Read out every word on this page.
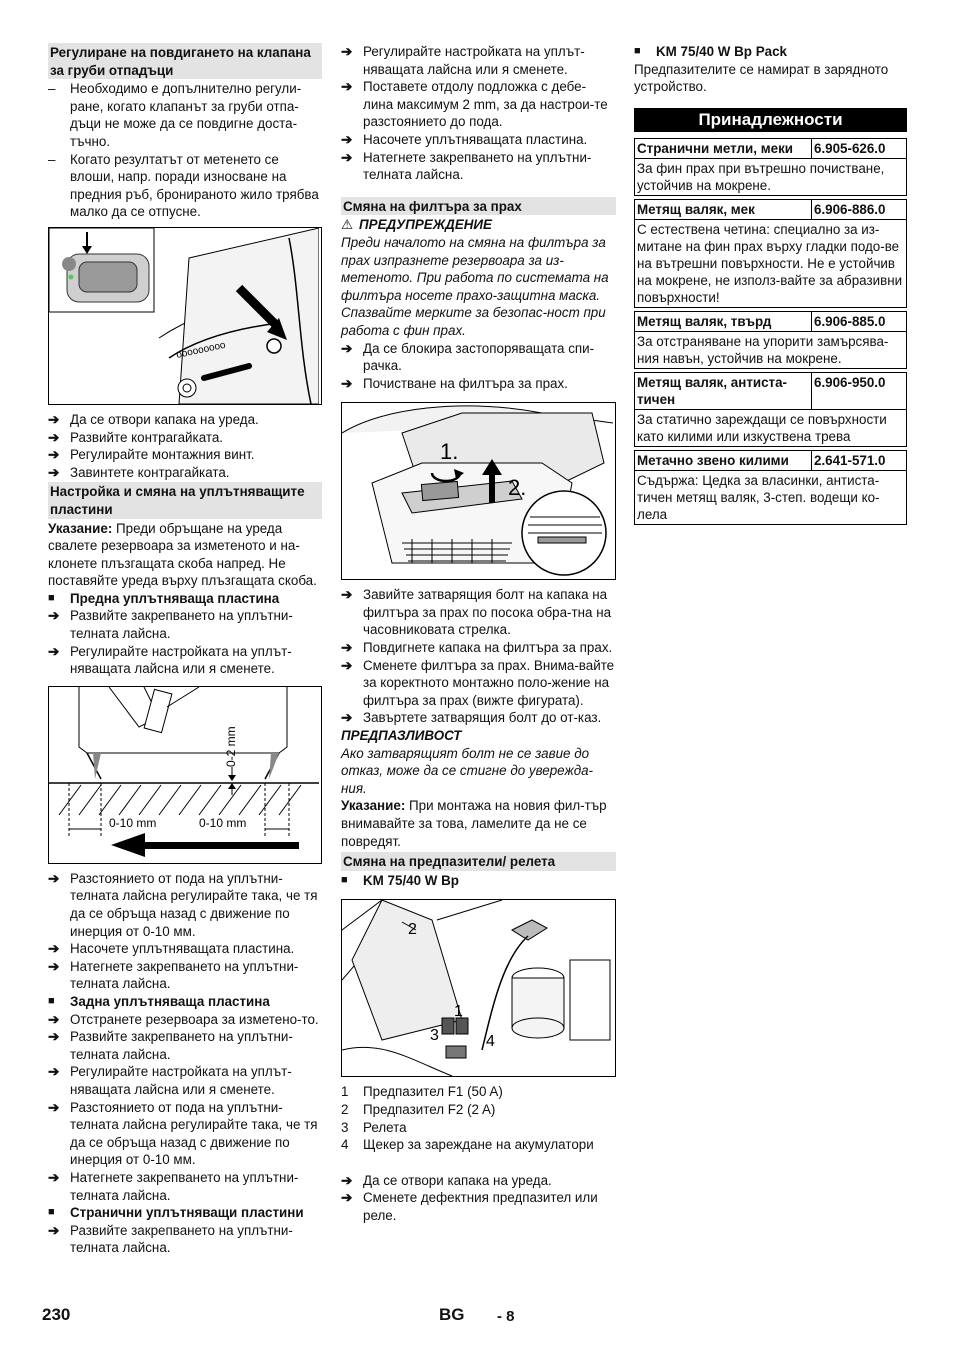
Регулиране на повдигането на клапана за груби отпадъци
– Необходимо е допълнително регули-ране, когато клапанът за груби отпа-дъци не може да се повдигне доста-тъчно.
– Когато резултатът от метенето се влоши, напр. поради износване на предния ръб, бронираното жило трябва малко да се отпусне.
ooooooooo
➔ Да се отвори капака на уреда.
➔ Развийте контрагайката.
➔ Регулирайте монтажния винт.
➔ Завинтете контрагайката.
Настройка и смяна на уплътняващите пластини

Указание: Преди обръщане на уреда свалете резервоара за изметеното и на-клонете плъзгащата скоба напред. Не поставяйте уреда върху плъзгащата скоба.

■ Предна уплътняваща пластина
➔ Развийте закрепването на уплътни-телната лайсна.
➔ Регулирайте настройката на уплът-няващата лайсна или я сменете.
0-2 mm
0-10 mm	0-10 mm
➔ Разстоянието от пода на уплътни-телната лайсна регулирайте така, че тя да се обръща назад с движение по инерция от 0-10 мм.
➔ Насочете уплътняващата пластина.
➔ Натегнете закрепването на уплътни-телната лайсна.
■ Задна уплътняваща пластина
➔ Отстранете резервоара за изметено-то.
➔ Развийте закрепването на уплътни-телната лайсна.
➔ Регулирайте настройката на уплът-няващата лайсна или я сменете.
➔ Разстоянието от пода на уплътни-телната лайсна регулирайте така, че тя да се обръща назад с движение по инерция от 0-10 мм.
➔ Натегнете закрепването на уплътни-телната лайсна.
■ Странични уплътняващи пластини
➔ Развийте закрепването на уплътни-телната лайсна.
➔ Регулирайте настройката на уплът-няващата лайсна или я сменете.
➔ Поставете отдолу подложка с дебе-лина максимум 2 mm, за да настрои-те разстоянието до пода.
➔ Насочете уплътняващата пластина.
➔ Натегнете закрепването на уплътни-телната лайсна.
Смяна на филтъра за прах
⚠ ПРЕДУПРЕЖДЕНИЕ

Преди началото на смяна на филтъра за прах изпразнете резервоара за из-метеното. При работа по системата на филтъра носете прахо-защитна маска. Спазвайте мерките за безопас-ност при работа с фин прах.

➔ Да се блокира застопоряващата спи-рачка.
➔ Почистване на филтъра за прах.
1.
2.
➔ Завийте затварящия болт на капака на филтъра за прах по посока обра-тна на часовниковата стрелка.
➔ Повдигнете капака на филтъра за прах.
➔ Сменете филтъра за прах. Внима-вайте за коректното монтажно поло-жение на филтъра за прах (вижте фигурата).
➔ Завъртете затварящия болт до от-каз.
ПРЕДПАЗЛИВОСТ

Ако затварящият болт не се завие до отказ, може да се стигне до увережда-ния.

Указание: При монтажа на новия фил-тър внимавайте за това, ламелите да не се повредят.

Смяна на предпазители/ релета
■ KM 75/40 W Bp
2
1
3	4
1 Предпазител F1 (50 A)
2 Предпазител F2 (2 A)
3 Релета
4 Щекер за зареждане на акумулатори
➔ Да се отвори капака на уреда.
➔ Сменете дефектния предпазител или реле.
■ KM 75/40 W Bp Pack

Предпазителите се намират в зарядното устройство.

Принадлежности
Странични метли, меки	6.905-626.0
За фин прах при вътрешно почистване, устойчив на мокрене.	

Метящ валяк, мек	6.906-886.0
С естествена четина: специално за из-митане на фин прах върху гладки подо-ве на вътрешни повърхности. Не е устойчив на мокрене, не използ-вайте за абразивни повърхности!	

Метящ валяк, твърд	6.906-885.0
За отстраняване на упорити замърсява-ния навън, устойчив на мокрене.	

Метящ валяк, антиста-тичен	6.906-950.0
За статично зареждащи се повърхности като килими или изкуствена трева	

Метачно звено килими	2.641-571.0
Съдържа: Цедка за власинки, антиста-тичен метящ валяк, 3-степ. водещи ко-лела	
230	BG - 8
